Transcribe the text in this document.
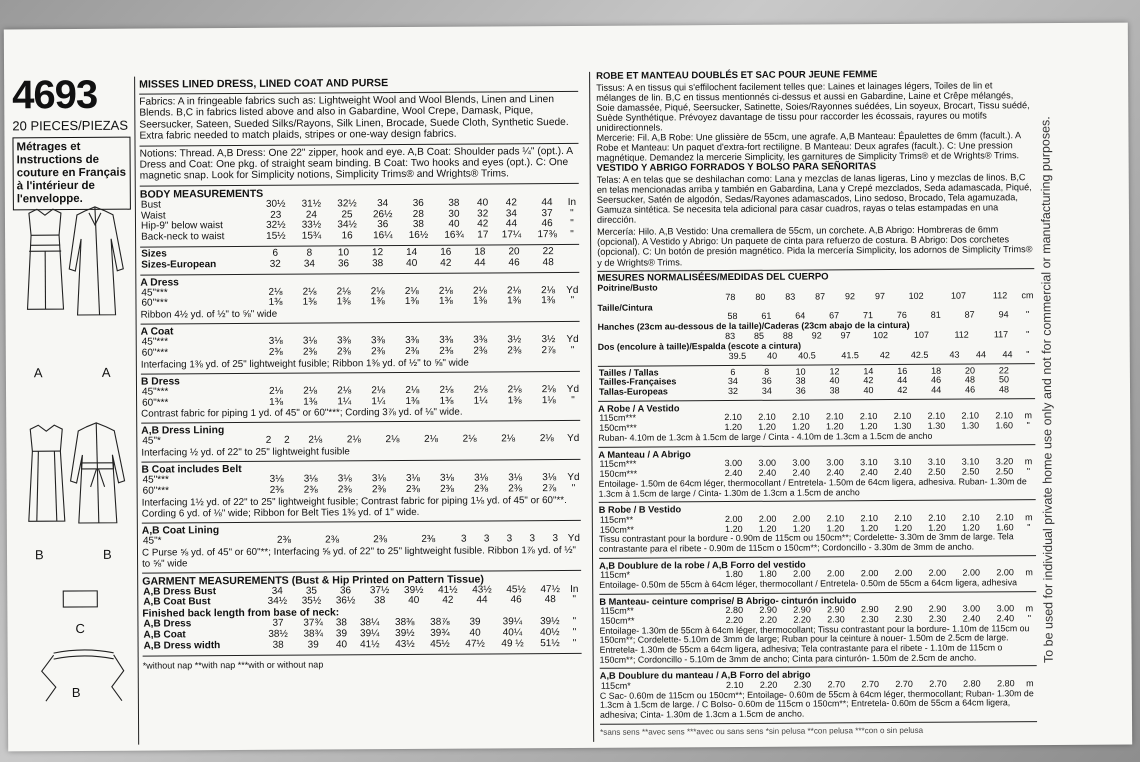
4693
20 PIECES/PIEZAS
Métrages et Instructions de couture en Français à l'intérieur de l'enveloppe.
A	A
B	B
C
B
MISSES LINED DRESS, LINED COAT AND PURSE
Fabrics: A in fringeable fabrics such as: Lightweight Wool and Wool Blends, Linen and Linen Blends. B,C in fabrics listed above and also in Gabardine, Wool Crepe, Damask, Pique, Seersucker, Sateen, Sueded Silks/Rayons, Silk Linen, Brocade, Suede Cloth, Synthetic Suede. Extra fabric needed to match plaids, stripes or one-way design fabrics.
Notions: Thread. A,B Dress: One 22" zipper, hook and eye. A,B Coat: Shoulder pads ¼" (opt.). A Dress and Coat: One pkg. of straight seam binding. B Coat: Two hooks and eyes (opt.). C: One magnetic snap. Look for Simplicity notions, Simplicity Trims® and Wrights® Trims.
BODY MEASUREMENTS
Bust	30½	31½	32½	34	36	38	40	42	44	In
Waist	23	24	25	26½	28	30	32	34	37	"
Hip-9" below waist	32½	33½	34½	36	38	40	42	44	46	"
Back-neck to waist	15½	15¾	16	16¼	16½	16¾	17	17¼	17⅜	"
Sizes	6	8	10	12	14	16	18	20	22	
Sizes-European	32	34	36	38	40	42	44	46	48	
A Dress
45"***	2⅛	2⅛	2⅛	2⅛	2⅛	2⅛	2⅛	2⅛	2⅛	Yd
60"***	1⅜	1⅜	1⅜	1⅜	1⅜	1⅜	1⅜	1⅜	1⅜	"
Ribbon 4½ yd. of ½" to ⅝" wide
A Coat
45"***	3⅛	3⅛	3⅜	3⅜	3⅜	3⅜	3⅜	3½	3½	Yd
60"***	2⅜	2⅜	2⅜	2⅜	2⅜	2⅜	2⅜	2⅜	2⅞	"
Interfacing 1⅜ yd. of 25" lightweight fusible; Ribbon 1⅜ yd. of ½" to ⅝" wide
B Dress
45"***	2⅛	2⅛	2⅛	2⅛	2⅛	2⅛	2⅛	2⅛	2⅛	Yd
60"***	1⅜	1⅜	1¼	1¼	1⅜	1⅜	1¼	1⅜	1⅛	"
Contrast fabric for piping 1 yd. of 45" or 60"***; Cording 3⅞ yd. of ⅛" wide.
A,B Dress Lining
45"*	2	2	2⅛	2⅛	2⅛	2⅛	2⅛	2⅛	2⅛	Yd
Interfacing ½ yd. of 22" to 25" lightweight fusible
B Coat includes Belt
45"***	3⅛	3⅛	3⅛	3⅛	3⅛	3⅛	3⅛	3⅛	3⅛	Yd
60"***	2⅜	2⅜	2⅜	2⅜	2⅜	2⅜	2⅜	2⅜	2⅞	"
Interfacing 1½ yd. of 22" to 25" lightweight fusible; Contrast fabric for piping 1⅛ yd. of 45" or 60"**. Cording 6 yd. of ⅛" wide; Ribbon for Belt Ties 1⅜ yd. of 1" wide.
A,B Coat Lining
45"*	2⅜	2⅜	2⅜	2⅜	3	3	3	3	3	Yd
C Purse ⅝ yd. of 45" or 60"**; Interfacing ⅝ yd. of 22" to 25" lightweight fusible. Ribbon 1⅞ yd. of ½" to ⅝" wide
GARMENT MEASUREMENTS (Bust & Hip Printed on Pattern Tissue)
A,B Dress Bust	34	35	36	37½	39½	41½	43½	45½	47½	In
A,B Coat Bust	34½	35½	36½	38	40	42	44	46	48	"
Finished back length from base of neck:
A,B Dress	37	37¾	38	38¼	38⅜	38⅞	39	39¼	39½	"
A,B Coat	38½	38¾	39	39¼	39½	39¾	40	40¼	40½	"
A,B Dress width	38	39	40	41½	43½	45½	47½	49 ½	51½	"
*without nap **with nap ***with or without nap
ROBE ET MANTEAU DOUBLÉS ET SAC POUR JEUNE FEMME
Tissus: A en tissus qui s'effilochent facilement telles que: Laines et lainages légers, Toiles de lin et mélanges de lin. B,C en tissus mentionnés ci-dessus et aussi en Gabardine, Laine et Crêpe mélangés, Soie damassée, Piqué, Seersucker, Satinette, Soies/Rayonnes suédées, Lin soyeux, Brocart, Tissu suédé, Suède Synthétique. Prévoyez davantage de tissu pour raccorder les écossais, rayures ou motifs unidirectionnels.
Mercerie: Fil. A,B Robe: Une glissière de 55cm, une agrafe. A,B Manteau: Épaulettes de 6mm (facult.). A Robe et Manteau: Un paquet d'extra-fort rectiligne. B Manteau: Deux agrafes (facult.). C: Une pression magnétique. Demandez la mercerie Simplicity, les garnitures de Simplicity Trims® et de Wrights® Trims.
VESTIDO Y ABRIGO FORRADOS Y BOLSO PARA SEÑORITAS
Telas: A en telas que se deshilachan como: Lana y mezclas de lanas ligeras, Lino y mezclas de linos. B,C en telas mencionadas arriba y también en Gabardina, Lana y Crepé mezclados, Seda adamascada, Piqué, Seersucker, Satén de algodón, Sedas/Rayones adamascados, Lino sedoso, Brocado, Tela agamuzada, Gamuza sintética. Se necesita tela adicional para casar cuadros, rayas o telas estampadas en una dirección.
Mercería: Hilo. A,B Vestido: Una cremallera de 55cm, un corchete. A,B Abrigo: Hombreras de 6mm (opcional). A Vestido y Abrigo: Un paquete de cinta para refuerzo de costura. B Abrigo: Dos corchetes (opcional). C: Un botón de presión magnético. Pida la mercería Simplicity, los adornos de Simplicity Trims® y de Wrights® Trims.
MESURES NORMALISÉES/MEDIDAS DEL CUERPO
Poitrine/Busto
	78	80	83	87	92	97	102	107	112	cm
Taille/Cintura
	58	61	64	67	71	76	81	87	94	"
Hanches (23cm au-dessous de la taille)/Caderas (23cm abajo de la cintura)
	83	85	88	92	97	102	107	112	117	"
Dos (encolure à taille)/Espalda (escote a cintura)
	39.5	40	40.5	41.5	42	42.5	43	44	44	"
Tailles / Tallas	6	8	10	12	14	16	18	20	22	
Tailles-Françaises	34	36	38	40	42	44	46	48	50	
Tallas-Europeas	32	34	36	38	40	42	44	46	48	
A Robe / A Vestido
115cm***	2.10	2.10	2.10	2.10	2.10	2.10	2.10	2.10	2.10	m
150cm***	1.20	1.20	1.20	1.20	1.20	1.30	1.30	1.30	1.60	"
Ruban- 4.10m de 1.3cm à 1.5cm de large / Cinta - 4.10m de 1.3cm a 1.5cm de ancho
A Manteau / A Abrigo
115cm***	3.00	3.00	3.00	3.00	3.10	3.10	3.10	3.10	3.20	m
150cm***	2.40	2.40	2.40	2.40	2.40	2.40	2.50	2.50	2.50	"
Entoilage- 1.50m de 64cm léger, thermocollant / Entretela- 1.50m de 64cm ligera, adhesiva. Ruban- 1.30m de 1.3cm à 1.5cm de large / Cinta- 1.30m de 1.3cm a 1.5cm de ancho
B Robe / B Vestido
115cm**	2.00	2.00	2.00	2.10	2.10	2.10	2.10	2.10	2.10	m
150cm**	1.20	1.20	1.20	1.20	1.20	1.20	1.20	1.20	1.60	"
Tissu contrastant pour la bordure - 0.90m de 115cm ou 150cm**; Cordelette- 3.30m de 3mm de large. Tela contrastante para el ribete - 0.90m de 115cm o 150cm**; Cordoncillo - 3.30m de 3mm de ancho.
A,B Doublure de la robe / A,B Forro del vestido
115cm*	1.80	1.80	2.00	2.00	2.00	2.00	2.00	2.00	2.00	m
Entoilage- 0.50m de 55cm à 64cm léger, thermocollant / Entretela- 0.50m de 55cm a 64cm ligera, adhesiva
B Manteau- ceinture comprise/ B Abrigo- cinturón incluido
115cm**	2.80	2.90	2.90	2.90	2.90	2.90	2.90	3.00	3.00	m
150cm**	2.20	2.20	2.20	2.30	2.30	2.30	2.30	2.40	2.40	"
Entoilage- 1.30m de 55cm à 64cm léger, thermocollant; Tissu contrastant pour la bordure- 1.10m de 115cm ou 150cm**; Cordelette- 5.10m de 3mm de large; Ruban pour la ceinture à nouer- 1.50m de 2.5cm de large. Entretela- 1.30m de 55cm a 64cm ligera, adhesiva; Tela contrastante para el ribete - 1.10m de 115cm o 150cm**; Cordoncillo - 5.10m de 3mm de ancho; Cinta para cinturón- 1.50m de 2.5cm de ancho.
A,B Doublure du manteau / A,B Forro del abrigo
115cm*	2.10	2.20	2.30	2.70	2.70	2.70	2.70	2.80	2.80	m
C Sac- 0.60m de 115cm ou 150cm**; Entoilage- 0.60m de 55cm à 64cm léger, thermocollant; Ruban- 1.30m de 1.3cm à 1.5cm de large. / C Bolso- 0.60m de 115cm o 150cm**; Entretela- 0.60m de 55cm a 64cm ligera, adhesiva; Cinta- 1.30m de 1.3cm a 1.5cm de ancho.
*sans sens **avec sens ***avec ou sans sens *sin pelusa **con pelusa ***con o sin pelusa
To be used for individual private home use only and not for commercial or manufacturing purposes.
